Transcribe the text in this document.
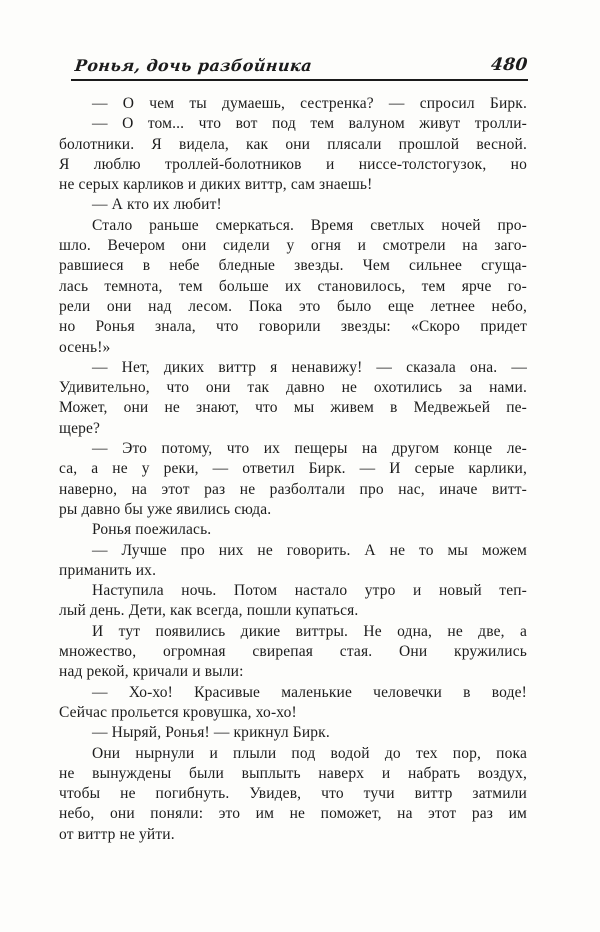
Ронья, дочь разбойника	480
— О чем ты думаешь, сестренка? — спросил Бирк.
— О том... что вот под тем валуном живут тролли-
болотники. Я видела, как они плясали прошлой весной.
Я люблю троллей-болотников и ниссе-толстогузок, но
не серых карликов и диких виттр, сам знаешь!
— А кто их любит!
Стало раньше смеркаться. Время светлых ночей про-
шло. Вечером они сидели у огня и смотрели на заго-
равшиеся в небе бледные звезды. Чем сильнее сгуща-
лась темнота, тем больше их становилось, тем ярче го-
рели они над лесом. Пока это было еще летнее небо,
но Ронья знала, что говорили звезды: «Скоро придет
осень!»
— Нет, диких виттр я ненавижу! — сказала она. —
Удивительно, что они так давно не охотились за нами.
Может, они не знают, что мы живем в Медвежьей пе-
щере?
— Это потому, что их пещеры на другом конце ле-
са, а не у реки, — ответил Бирк. — И серые карлики,
наверно, на этот раз не разболтали про нас, иначе витт-
ры давно бы уже явились сюда.
Ронья поежилась.
— Лучше про них не говорить. А не то мы можем
приманить их.
Наступила ночь. Потом настало утро и новый теп-
лый день. Дети, как всегда, пошли купаться.
И тут появились дикие виттры. Не одна, не две, а
множество, огромная свирепая стая. Они кружились
над рекой, кричали и выли:
— Хо-хо! Красивые маленькие человечки в воде!
Сейчас прольется кровушка, хо-хо!
— Ныряй, Ронья! — крикнул Бирк.
Они нырнули и плыли под водой до тех пор, пока
не вынуждены были выплыть наверх и набрать воздух,
чтобы не погибнуть. Увидев, что тучи виттр затмили
небо, они поняли: это им не поможет, на этот раз им
от виттр не уйти.
